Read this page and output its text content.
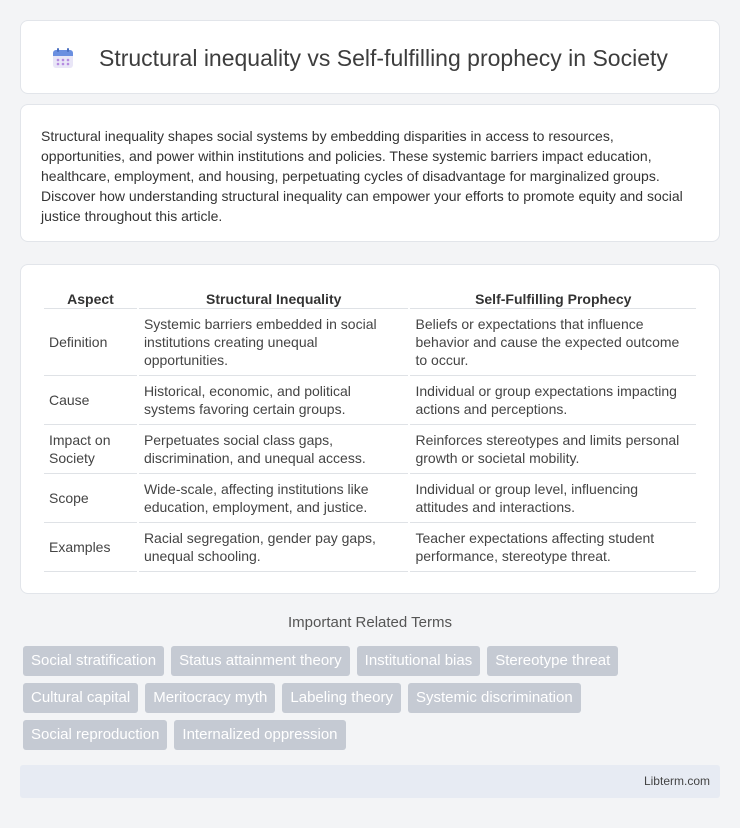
Structural inequality vs Self-fulfilling prophecy in Society

Structural inequality shapes social systems by embedding disparities in access to resources, opportunities, and power within institutions and policies. These systemic barriers impact education, healthcare, employment, and housing, perpetuating cycles of disadvantage for marginalized groups. Discover how understanding structural inequality can empower your efforts to promote equity and social justice throughout this article.

Aspect	Structural Inequality	Self-Fulfilling Prophecy
Definition	Systemic barriers embedded in social institutions creating unequal opportunities.	Beliefs or expectations that influence behavior and cause the expected outcome to occur.
Cause	Historical, economic, and political systems favoring certain groups.	Individual or group expectations impacting actions and perceptions.
Impact on Society	Perpetuates social class gaps, discrimination, and unequal access.	Reinforces stereotypes and limits personal growth or societal mobility.
Scope	Wide-scale, affecting institutions like education, employment, and justice.	Individual or group level, influencing attitudes and interactions.
Examples	Racial segregation, gender pay gaps, unequal schooling.	Teacher expectations affecting student performance, stereotype threat.
Important Related Terms
Social stratification	Status attainment theory	Institutional bias	Stereotype threat
Cultural capital	Meritocracy myth	Labeling theory	Systemic discrimination
Social reproduction	Internalized oppression
Libterm.com
